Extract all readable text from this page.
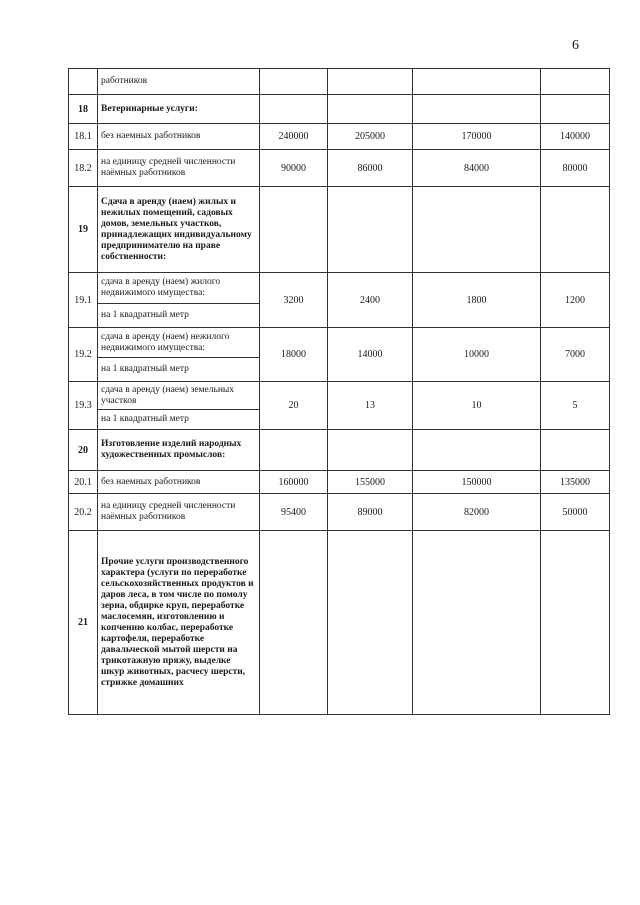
6
	работников				
18	Ветеринарные услуги:				
18.1	без наемных работников	240000	205000	170000	140000
18.2	на единицу средней численности наёмных работников	90000	86000	84000	80000
19	Сдача в аренду (наем) жилых и нежилых помещений, садовых домов, земельных участков, принадлежащих индивидуальному предпринимателю на праве собственности:				
19.1	сдача в аренду (наем) жилого недвижимого имущества:	3200	2400	1800	1200
	на 1 квадратный метр				
19.2	сдача в аренду (наем) нежилого недвижимого имущества:	18000	14000	10000	7000
	на 1 квадратный метр				
19.3	сдача в аренду (наем) земельных участков	20	13	10	5
	на 1 квадратный метр				
20	Изготовление изделий народных художественных промыслов:				
20.1	без наемных работников	160000	155000	150000	135000
20.2	на единицу средней численности наёмных работников	95400	89000	82000	50000
21	Прочие услуги производственного характера (услуги по переработке сельскохозяйственных продуктов и даров леса, в том числе по помолу зерна, обдирке круп, переработке маслосемян, изготовлению и копчению колбас, переработке картофеля, переработке давальческой мытой шерсти на трикотажную пряжу, выделке шкур животных, расчесу шерсти, стрижке домашних				
